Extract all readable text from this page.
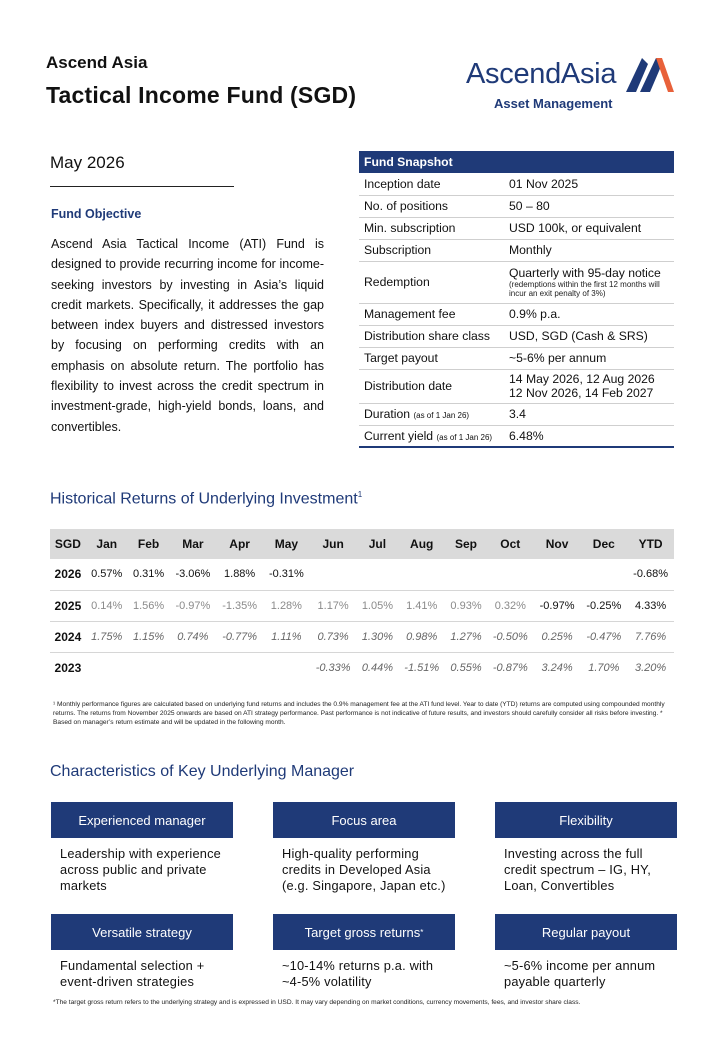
Ascend Asia
Tactical Income Fund (SGD)
AscendAsia
Asset Management
May 2026
Fund Objective
Ascend Asia Tactical Income (ATI) Fund is designed to provide recurring income for income-seeking investors by investing in Asia’s liquid credit markets. Specifically, it addresses the gap between index buyers and distressed investors by focusing on performing credits with an emphasis on absolute return. The portfolio has flexibility to invest across the credit spectrum in investment-grade, high-yield bonds, loans, and convertibles.
Fund Snapshot	
Inception date	01 Nov 2025
No. of positions	50 – 80
Min. subscription	USD 100k, or equivalent
Subscription	Monthly
Redemption	Quarterly with 95-day notice
(redemptions within the first 12 months will incur an exit penalty of 3%)

Management fee	0.9% p.a.
Distribution share class	USD, SGD (Cash & SRS)
Target payout	~5-6% per annum
Distribution date	14 May 2026, 12 Aug 2026
12 Nov 2026, 14 Feb 2027

Duration (as of 1 Jan 26)	3.4
Current yield (as of 1 Jan 26)	6.48%
Historical Returns of Underlying Investment$^1$
SGD	Jan	Feb	Mar	Apr	May	Jun	Jul	Aug	Sep	Oct	Nov	Dec	YTD
2026	0.57%	0.31%	-3.06%	1.88%	-0.31%								-0.68%
2025	0.14%	1.56%	-0.97%	-1.35%	1.28%	1.17%	1.05%	1.41%	0.93%	0.32%	-0.97%	-0.25%	4.33%
2024	1.75%	1.15%	0.74%	-0.77%	1.11%	0.73%	1.30%	0.98%	1.27%	-0.50%	0.25%	-0.47%	7.76%
2023						-0.33%	0.44%	-1.51%	0.55%	-0.87%	3.24%	1.70%	3.20%
¹ Monthly performance figures are calculated based on underlying fund returns and includes the 0.9% management fee at the ATI fund level. Year to date (YTD) returns are computed using compounded monthly returns. The returns from November 2025 onwards are based on ATI strategy performance. Past performance is not indicative of future results, and investors should carefully consider all risks before investing. * Based on manager’s return estimate and will be updated in the following month.
Characteristics of Key Underlying Manager
Experienced manager
Leadership with experience across public and private markets
Focus area
High-quality performing credits in Developed Asia (e.g. Singapore, Japan etc.)
Flexibility
Investing across the full credit spectrum – IG, HY, Loan, Convertibles
Versatile strategy
Fundamental selection + event-driven strategies
Target gross returns *
~10-14% returns p.a. with ~4-5% volatility
Regular payout
~5-6% income per annum payable quarterly
*The target gross return refers to the underlying strategy and is expressed in USD. It may vary depending on market conditions, currency movements, fees, and investor share class.
